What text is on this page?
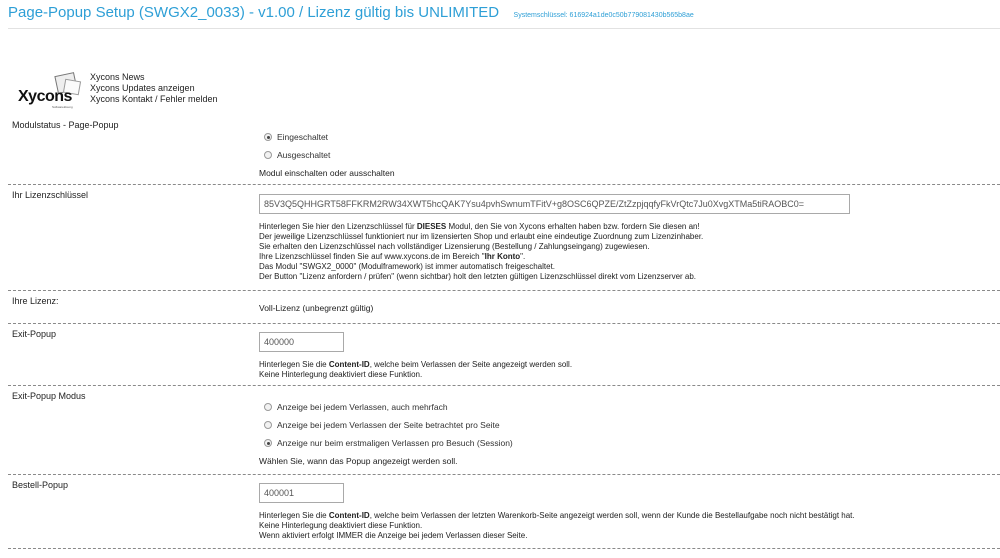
Page-Popup Setup (SWGX2_0033) - v1.00 / Lizenz gültig bis UNLIMITED Systemschlüssel: 616924a1de0c50b779081430b565b8ae
Xycons
Softwarelösung
Xycons News
Xycons Updates anzeigen
Xycons Kontakt / Fehler melden
Modulstatus - Page-Popup
Eingeschaltet
Ausgeschaltet
Modul einschalten oder ausschalten
Ihr Lizenzschlüssel
85V3Q5QHHGRT58FFKRM2RW34XWT5hcQAK7Ysu4pvhSwnumTFitV+g8OSC6QPZE/ZtZzpjqqfyFkVrQtc7Ju0XvgXTMa5tiRAOBC0=
Hinterlegen Sie hier den Lizenzschlüssel für DIESES Modul, den Sie von Xycons erhalten haben bzw. fordern Sie diesen an!
Der jeweilige Lizenzschlüssel funktioniert nur im lizensierten Shop und erlaubt eine eindeutige Zuordnung zum Lizenzinhaber.
Sie erhalten den Lizenzschlüssel nach vollständiger Lizensierung (Bestellung / Zahlungseingang) zugewiesen.
Ihre Lizenzschlüssel finden Sie auf www.xycons.de im Bereich "Ihr Konto".
Das Modul "SWGX2_0000" (Modulframework) ist immer automatisch freigeschaltet.
Der Button "Lizenz anfordern / prüfen" (wenn sichtbar) holt den letzten gültigen Lizenzschlüssel direkt vom Lizenzserver ab.
Ihre Lizenz:
Voll-Lizenz (unbegrenzt gültig)
Exit-Popup
400000
Hinterlegen Sie die Content-ID, welche beim Verlassen der Seite angezeigt werden soll.
Keine Hinterlegung deaktiviert diese Funktion.
Exit-Popup Modus
Anzeige bei jedem Verlassen, auch mehrfach
Anzeige bei jedem Verlassen der Seite betrachtet pro Seite
Anzeige nur beim erstmaligen Verlassen pro Besuch (Session)
Wählen Sie, wann das Popup angezeigt werden soll.
Bestell-Popup
400001
Hinterlegen Sie die Content-ID, welche beim Verlassen der letzten Warenkorb-Seite angezeigt werden soll, wenn der Kunde die Bestellaufgabe noch nicht bestätigt hat.
Keine Hinterlegung deaktiviert diese Funktion.
Wenn aktiviert erfolgt IMMER die Anzeige bei jedem Verlassen dieser Seite.
